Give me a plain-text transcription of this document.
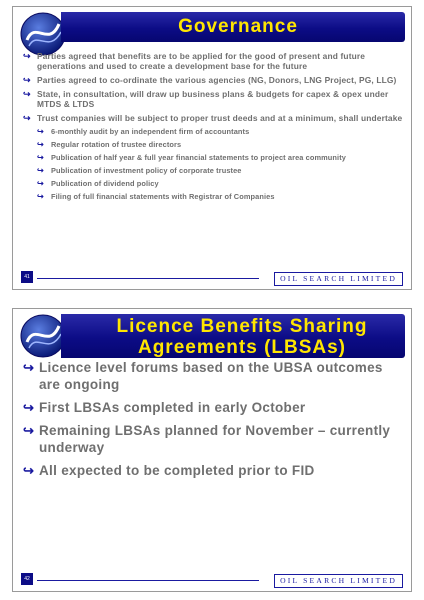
Governance
↪ Parties agreed that benefits are to be applied for the good of present and future generations and used to create a development base for the future
↪ Parties agreed to co-ordinate the various agencies (NG, Donors, LNG Project, PG, LLG)
↪ State, in consultation, will draw up business plans & budgets for capex & opex under MTDS & LTDS
↪ Trust companies will be subject to proper trust deeds and at a minimum, shall undertake
↪ 6-monthly audit by an independent firm of accountants
↪ Regular rotation of trustee directors
↪ Publication of half year & full year financial statements to project area community
↪ Publication of investment policy of corporate trustee
↪ Publication of dividend policy
↪ Filing of full financial statements with Registrar of Companies
41	OIL SEARCH LIMITED
Licence Benefits Sharing
Agreements (LBSAs)
↪ Licence level forums based on the UBSA outcomes are ongoing
↪ First LBSAs completed in early October
↪ Remaining LBSAs planned for November – currently underway
↪ All expected to be completed prior to FID
42	OIL SEARCH LIMITED
